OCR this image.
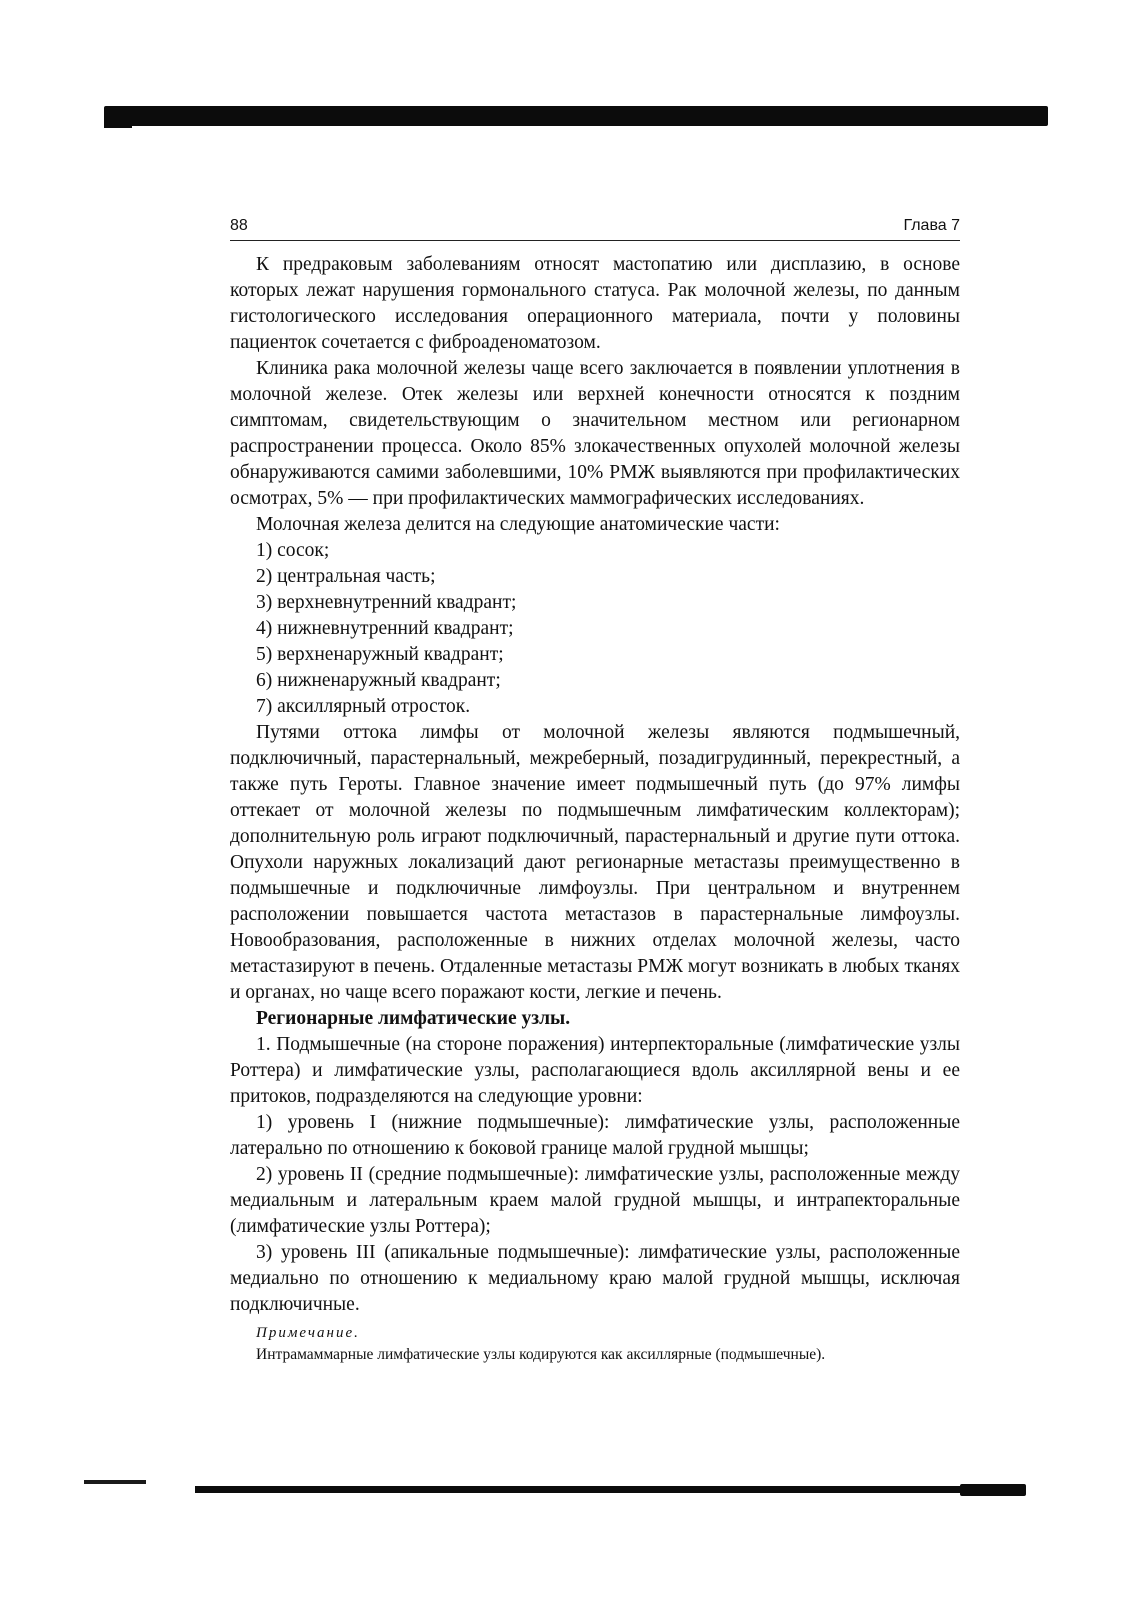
88	Глава 7

К предраковым заболеваниям относят мастопатию или дисплазию, в основе которых лежат нарушения гормонального статуса. Рак молочной железы, по данным гистологического исследования операционного материала, почти у половины пациенток сочетается с фиброаденоматозом.

Клиника рака молочной железы чаще всего заключается в появлении уплотнения в молочной железе. Отек железы или верхней конечности относятся к поздним симптомам, свидетельствующим о значительном местном или регионарном распространении процесса. Около 85% злокачественных опухолей молочной железы обнаруживаются самими заболевшими, 10% РМЖ выявляются при профилактических осмотрах, 5% — при профилактических маммографических исследованиях.

Молочная железа делится на следующие анатомические части:

1) сосок;
2) центральная часть;
3) верхневнутренний квадрант;
4) нижневнутренний квадрант;
5) верхненаружный квадрант;
6) нижненаружный квадрант;
7) аксиллярный отросток.

Путями оттока лимфы от молочной железы являются подмышечный, подключичный, парастернальный, межреберный, позадигрудинный, перекрестный, а также путь Героты. Главное значение имеет подмышечный путь (до 97% лимфы оттекает от молочной железы по подмышечным лимфатическим коллекторам); дополнительную роль играют подключичный, парастернальный и другие пути оттока. Опухоли наружных локализаций дают регионарные метастазы преимущественно в подмышечные и подключичные лимфоузлы. При центральном и внутреннем расположении повышается частота метастазов в парастернальные лимфоузлы. Новообразования, расположенные в нижних отделах молочной железы, часто метастазируют в печень. Отдаленные метастазы РМЖ могут возникать в любых тканях и органах, но чаще всего поражают кости, легкие и печень.

Регионарные лимфатические узлы.

1. Подмышечные (на стороне поражения) интерпекторальные (лимфатические узлы Роттера) и лимфатические узлы, располагающиеся вдоль аксиллярной вены и ее притоков, подразделяются на следующие уровни:

1) уровень I (нижние подмышечные): лимфатические узлы, расположенные латерально по отношению к боковой границе малой грудной мышцы;

2) уровень II (средние подмышечные): лимфатические узлы, расположенные между медиальным и латеральным краем малой грудной мышцы, и интрапекторальные (лимфатические узлы Роттера);

3) уровень III (апикальные подмышечные): лимфатические узлы, расположенные медиально по отношению к медиальному краю малой грудной мышцы, исключая подключичные.

Примечание.
Интрамаммарные лимфатические узлы кодируются как аксиллярные (подмышечные).
